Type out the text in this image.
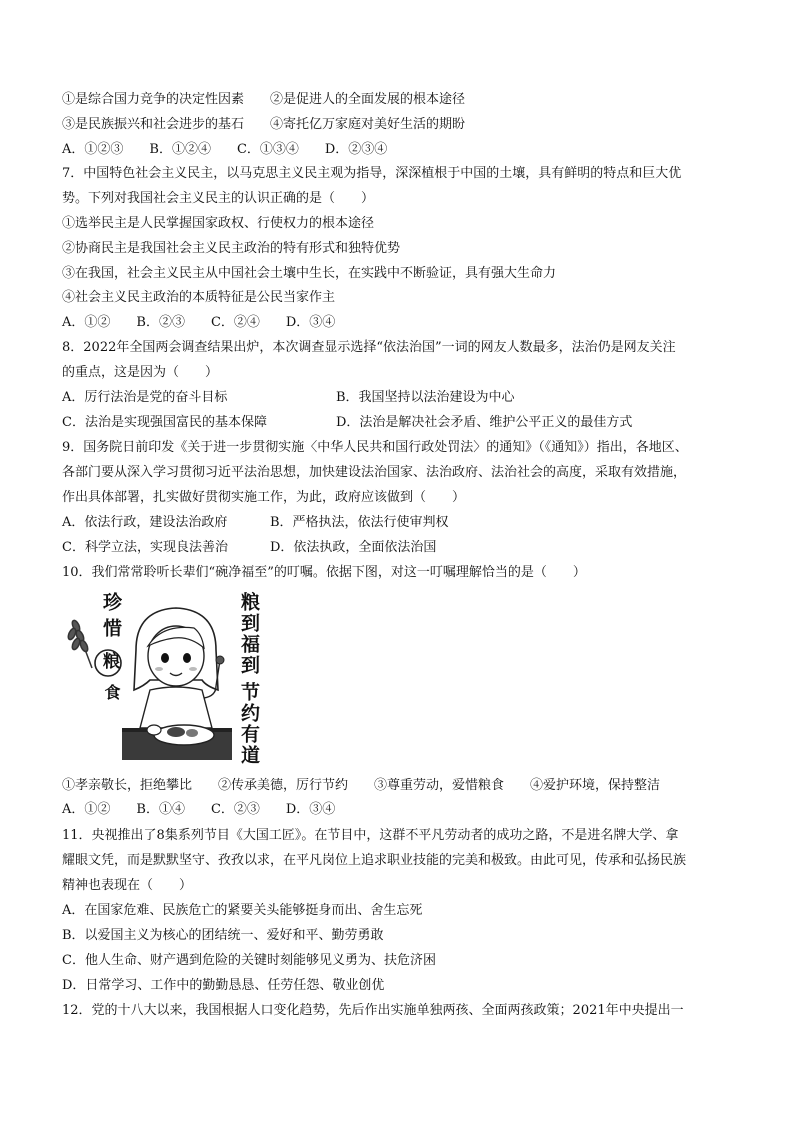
①是综合国力竞争的决定性因素　　②是促进人的全面发展的根本途径
③是民族振兴和社会进步的基石　　④寄托亿万家庭对美好生活的期盼
A．①②③　　B．①②④　　C．①③④　　D．②③④
7．中国特色社会主义民主，以马克思主义民主观为指导，深深植根于中国的土壤，具有鲜明的特点和巨大优
势。下列对我国社会主义民主的认识正确的是（　　）
①选举民主是人民掌握国家政权、行使权力的根本途径
②协商民主是我国社会主义民主政治的特有形式和独特优势
③在我国，社会主义民主从中国社会土壤中生长，在实践中不断验证，具有强大生命力
④社会主义民主政治的本质特征是公民当家作主
A．①②　　B．②③　　C．②④　　D．③④
8．2022年全国两会调查结果出炉，本次调查显示选择“依法治国”一词的网友人数最多，法治仍是网友关注
的重点，这是因为（　　）
A．厉行法治是党的奋斗目标	B．我国坚持以法治建设为中心
C．法治是实现强国富民的基本保障	D．法治是解决社会矛盾、维护公平正义的最佳方式
9．国务院日前印发《关于进一步贯彻实施〈中华人民共和国行政处罚法〉的通知》（《通知》）指出，各地区、
各部门要从深入学习贯彻习近平法治思想，加快建设法治国家、法治政府、法治社会的高度，采取有效措施，
作出具体部署，扎实做好贯彻实施工作，为此，政府应该做到（　　）
A．依法行政，建设法治政府	B．严格执法，依法行使审判权
C．科学立法，实现良法善治	D．依法执政，全面依法治国
10．我们常常聆听长辈们“碗净福至”的叮嘱。依据下图，对这一叮嘱理解恰当的是（　　）
珍
惜
粮
食
粮到福到
节约有道
①孝亲敬长，拒绝攀比　　②传承美德，厉行节约　　③尊重劳动，爱惜粮食　　④爱护环境，保持整洁
A．①②　　B．①④　　C．②③　　D．③④
11．央视推出了8集系列节目《大国工匠》。在节目中，这群不平凡劳动者的成功之路，不是进名牌大学、拿
耀眼文凭，而是默默坚守、孜孜以求，在平凡岗位上追求职业技能的完美和极致。由此可见，传承和弘扬民族
精神也表现在（　　）
A．在国家危难、民族危亡的紧要关头能够挺身而出、舍生忘死
B．以爱国主义为核心的团结统一、爱好和平、勤劳勇敢
C．他人生命、财产遇到危险的关键时刻能够见义勇为、扶危济困
D．日常学习、工作中的勤勤恳恳、任劳任怨、敬业创优
12．党的十八大以来，我国根据人口变化趋势，先后作出实施单独两孩、全面两孩政策；2021年中央提出一
